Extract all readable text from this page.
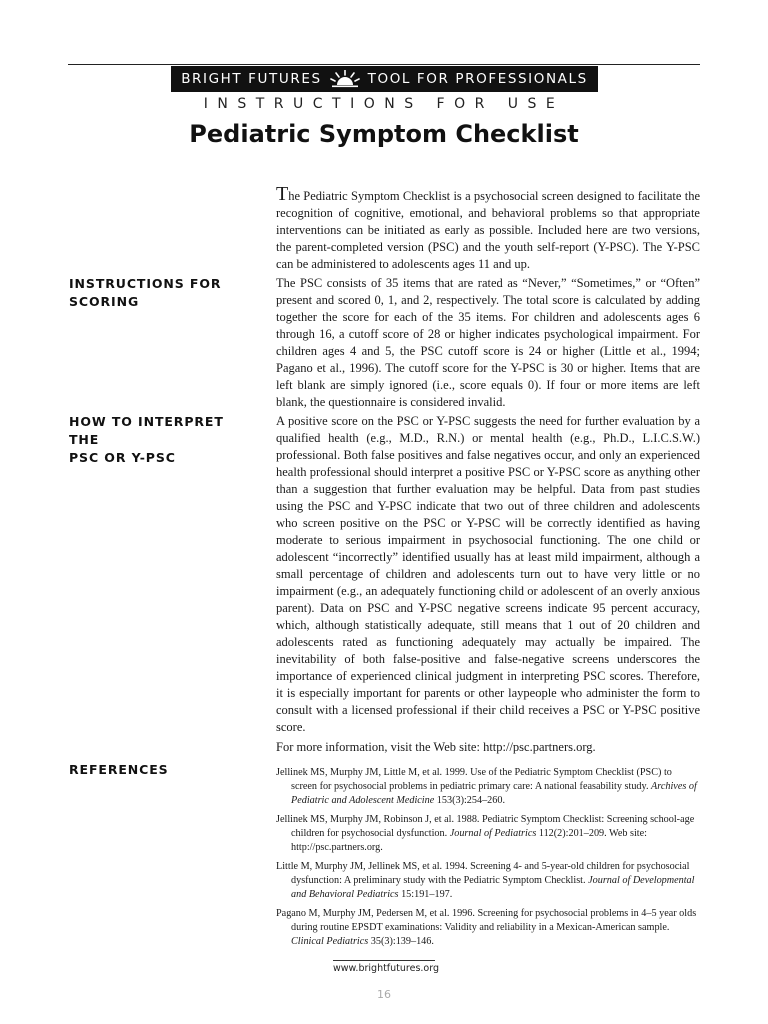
BRIGHT FUTURES	TOOL FOR PROFESSIONALS
INSTRUCTIONS FOR USE
Pediatric Symptom Checklist

The Pediatric Symptom Checklist is a psychosocial screen designed to facilitate the recognition of cognitive, emotional, and behavioral problems so that appropriate interventions can be initiated as early as possible. Included here are two versions, the parent-completed version (PSC) and the youth self-report (Y-PSC). The Y-PSC can be administered to adolescents ages 11 and up.

INSTRUCTIONS FOR
SCORING

The PSC consists of 35 items that are rated as “Never,” “Sometimes,” or “Often” present and scored 0, 1, and 2, respectively. The total score is calculated by adding together the score for each of the 35 items. For children and adolescents ages 6 through 16, a cutoff score of 28 or higher indicates psychological impairment. For children ages 4 and 5, the PSC cutoff score is 24 or higher (Little et al., 1994; Pagano et al., 1996). The cutoff score for the Y-PSC is 30 or higher. Items that are left blank are simply ignored (i.e., score equals 0). If four or more items are left blank, the questionnaire is considered invalid.

HOW TO INTERPRET THE
PSC OR Y-PSC

A positive score on the PSC or Y-PSC suggests the need for further evaluation by a qualified health (e.g., M.D., R.N.) or mental health (e.g., Ph.D., L.I.C.S.W.) professional. Both false positives and false negatives occur, and only an experienced health professional should interpret a positive PSC or Y-PSC score as anything other than a suggestion that further evaluation may be helpful. Data from past studies using the PSC and Y-PSC indicate that two out of three children and adolescents who screen positive on the PSC or Y-PSC will be correctly identified as having moderate to serious impairment in psychosocial functioning. The one child or adolescent “incorrectly” identified usually has at least mild impairment, although a small percentage of children and adolescents turn out to have very little or no impairment (e.g., an adequately functioning child or adolescent of an overly anxious parent). Data on PSC and Y-PSC negative screens indicate 95 percent accuracy, which, although statistically adequate, still means that 1 out of 20 children and adolescents rated as functioning adequately may actually be impaired. The inevitability of both false-positive and false-negative screens underscores the importance of experienced clinical judgment in interpreting PSC scores. Therefore, it is especially important for parents or other laypeople who administer the form to consult with a licensed professional if their child receives a PSC or Y-PSC positive score.

For more information, visit the Web site: http://psc.partners.org.

REFERENCES	Jellinek MS, Murphy JM, Little M, et al. 1999. Use of the Pediatric Symptom Checklist (PSC) to screen for psychosocial problems in pediatric primary care: A national feasability study. Archives of Pediatric and Adolescent Medicine 153(3):254–260.

Jellinek MS, Murphy JM, Robinson J, et al. 1988. Pediatric Symptom Checklist: Screening school-age children for psychosocial dysfunction. Journal of Pediatrics 112(2):201–209. Web site: http://psc.partners.org.

Little M, Murphy JM, Jellinek MS, et al. 1994. Screening 4- and 5-year-old children for psychosocial dysfunction: A preliminary study with the Pediatric Symptom Checklist. Journal of Developmental and Behavioral Pediatrics 15:191–197.

Pagano M, Murphy JM, Pedersen M, et al. 1996. Screening for psychosocial problems in 4–5 year olds during routine EPSDT examinations: Validity and reliability in a Mexican-American sample. Clinical Pediatrics 35(3):139–146.

www.brightfutures.org
16
